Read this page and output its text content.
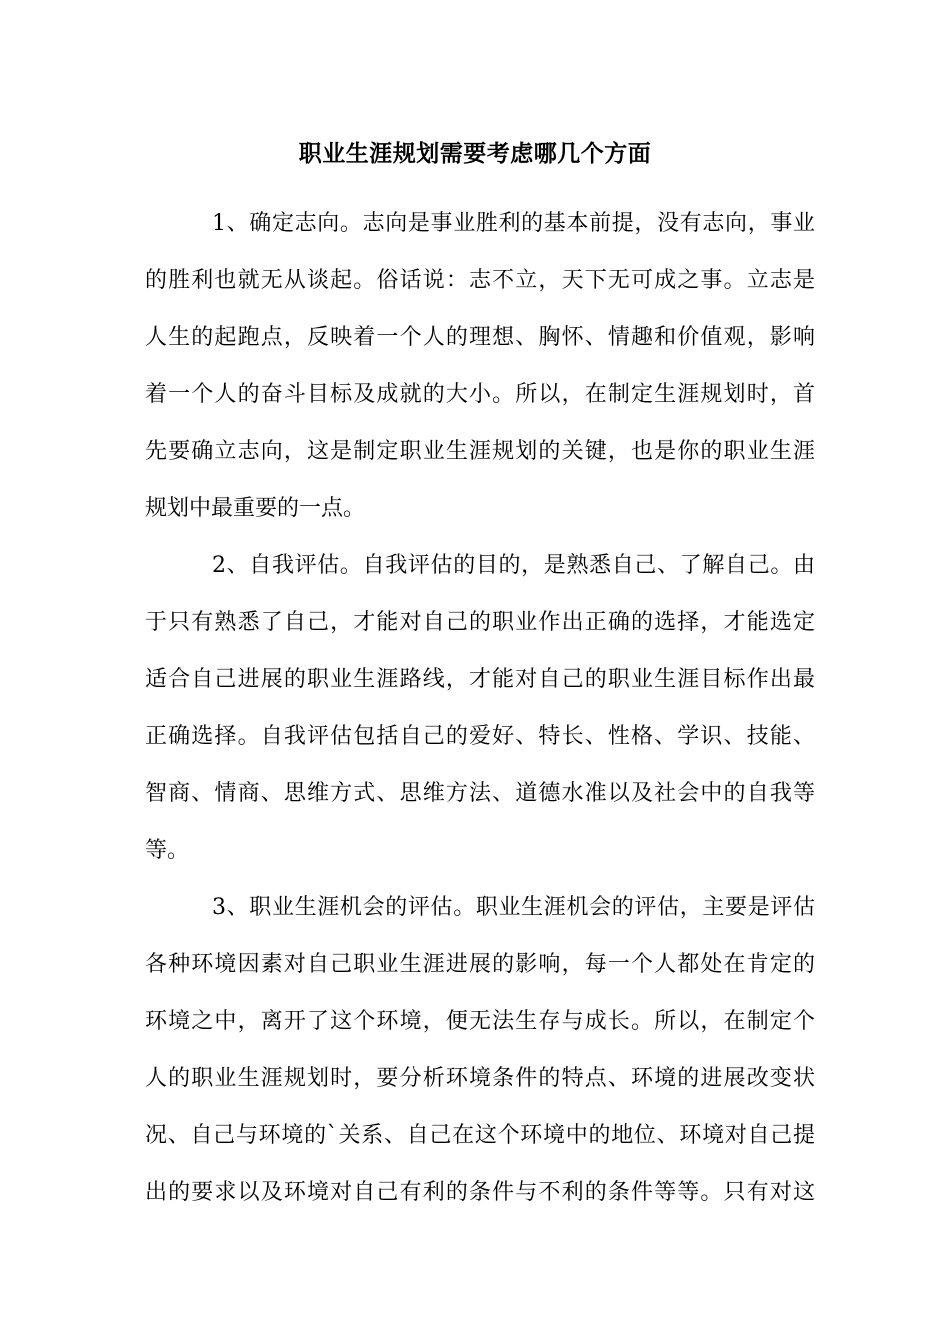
职业生涯规划需要考虑哪几个方面
1、确定志向。志向是事业胜利的基本前提，没有志向，事业
的胜利也就无从谈起。俗话说：志不立，天下无可成之事。立志是
人生的起跑点，反映着一个人的理想、胸怀、情趣和价值观，影响
着一个人的奋斗目标及成就的大小。所以，在制定生涯规划时，首
先要确立志向，这是制定职业生涯规划的关键，也是你的职业生涯
规划中最重要的一点。
2、自我评估。自我评估的目的，是熟悉自己、了解自己。由
于只有熟悉了自己，才能对自己的职业作出正确的选择，才能选定
适合自己进展的职业生涯路线，才能对自己的职业生涯目标作出最
正确选择。自我评估包括自己的爱好、特长、性格、学识、技能、
智商、情商、思维方式、思维方法、道德水准以及社会中的自我等
等。
3、职业生涯机会的评估。职业生涯机会的评估，主要是评估
各种环境因素对自己职业生涯进展的影响，每一个人都处在肯定的
环境之中，离开了这个环境，便无法生存与成长。所以，在制定个
人的职业生涯规划时，要分析环境条件的特点、环境的进展改变状
况、自己与环境的`关系、自己在这个环境中的地位、环境对自己提
出的要求以及环境对自己有利的条件与不利的条件等等。只有对这
